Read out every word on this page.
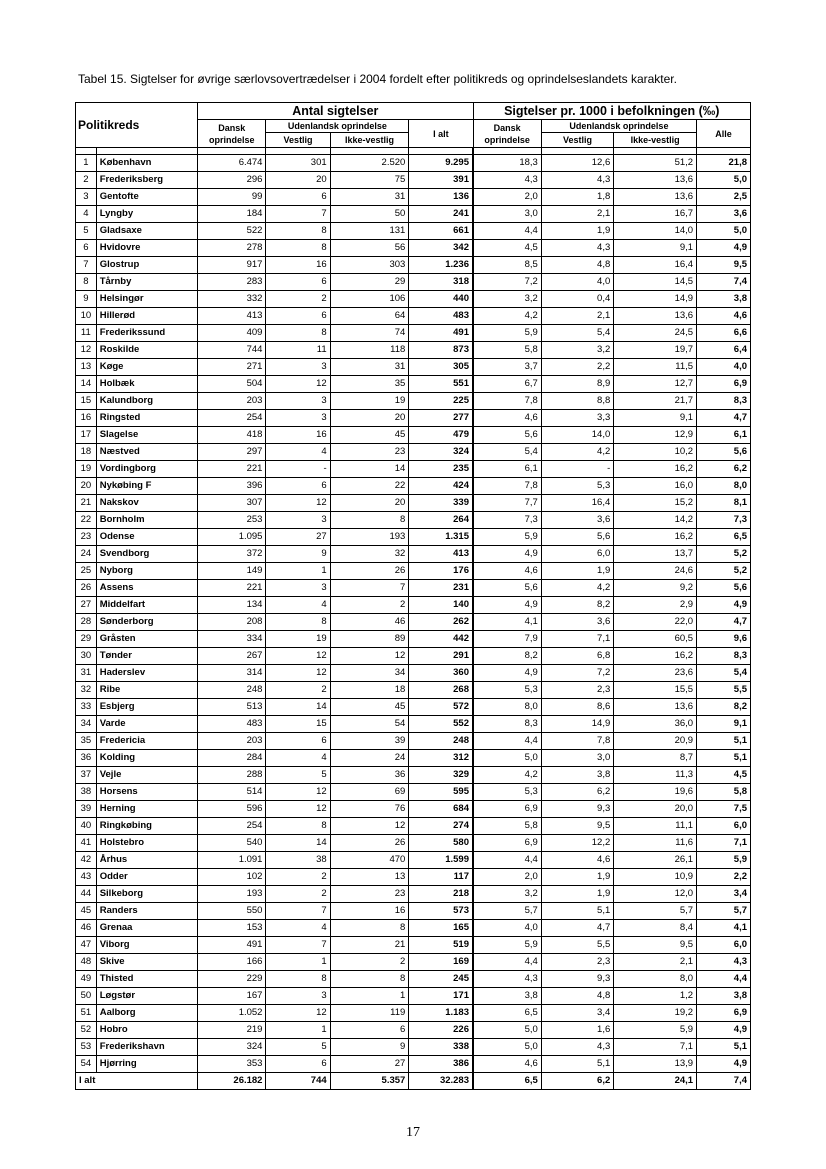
Tabel 15. Sigtelser for øvrige særlovsovertrædelser i 2004 fordelt efter politikreds og oprindelseslandets karakter.
Politikreds		Antal sigtelser				Sigtelser pr. 1000 i befolkningen (‰)			
		Dansk oprindelse	Udenlandsk oprindelse		I alt	Dansk oprindelse	Udenlandsk oprindelse		Alle
			Vestlig	Ikke-vestlig			Vestlig	Ikke-vestlig	

1	København	6.474	301	2.520	9.295	18,3	12,6	51,2	21,8
2	Frederiksberg	296	20	75	391	4,3	4,3	13,6	5,0
3	Gentofte	99	6	31	136	2,0	1,8	13,6	2,5
4	Lyngby	184	7	50	241	3,0	2,1	16,7	3,6
5	Gladsaxe	522	8	131	661	4,4	1,9	14,0	5,0
6	Hvidovre	278	8	56	342	4,5	4,3	9,1	4,9
7	Glostrup	917	16	303	1.236	8,5	4,8	16,4	9,5
8	Tårnby	283	6	29	318	7,2	4,0	14,5	7,4
9	Helsingør	332	2	106	440	3,2	0,4	14,9	3,8
10	Hillerød	413	6	64	483	4,2	2,1	13,6	4,6
11	Frederikssund	409	8	74	491	5,9	5,4	24,5	6,6
12	Roskilde	744	11	118	873	5,8	3,2	19,7	6,4
13	Køge	271	3	31	305	3,7	2,2	11,5	4,0
14	Holbæk	504	12	35	551	6,7	8,9	12,7	6,9
15	Kalundborg	203	3	19	225	7,8	8,8	21,7	8,3
16	Ringsted	254	3	20	277	4,6	3,3	9,1	4,7
17	Slagelse	418	16	45	479	5,6	14,0	12,9	6,1
18	Næstved	297	4	23	324	5,4	4,2	10,2	5,6
19	Vordingborg	221	-	14	235	6,1	-	16,2	6,2
20	Nykøbing F	396	6	22	424	7,8	5,3	16,0	8,0
21	Nakskov	307	12	20	339	7,7	16,4	15,2	8,1
22	Bornholm	253	3	8	264	7,3	3,6	14,2	7,3
23	Odense	1.095	27	193	1.315	5,9	5,6	16,2	6,5
24	Svendborg	372	9	32	413	4,9	6,0	13,7	5,2
25	Nyborg	149	1	26	176	4,6	1,9	24,6	5,2
26	Assens	221	3	7	231	5,6	4,2	9,2	5,6
27	Middelfart	134	4	2	140	4,9	8,2	2,9	4,9
28	Sønderborg	208	8	46	262	4,1	3,6	22,0	4,7
29	Gråsten	334	19	89	442	7,9	7,1	60,5	9,6
30	Tønder	267	12	12	291	8,2	6,8	16,2	8,3
31	Haderslev	314	12	34	360	4,9	7,2	23,6	5,4
32	Ribe	248	2	18	268	5,3	2,3	15,5	5,5
33	Esbjerg	513	14	45	572	8,0	8,6	13,6	8,2
34	Varde	483	15	54	552	8,3	14,9	36,0	9,1
35	Fredericia	203	6	39	248	4,4	7,8	20,9	5,1
36	Kolding	284	4	24	312	5,0	3,0	8,7	5,1
37	Vejle	288	5	36	329	4,2	3,8	11,3	4,5
38	Horsens	514	12	69	595	5,3	6,2	19,6	5,8
39	Herning	596	12	76	684	6,9	9,3	20,0	7,5
40	Ringkøbing	254	8	12	274	5,8	9,5	11,1	6,0
41	Holstebro	540	14	26	580	6,9	12,2	11,6	7,1
42	Århus	1.091	38	470	1.599	4,4	4,6	26,1	5,9
43	Odder	102	2	13	117	2,0	1,9	10,9	2,2
44	Silkeborg	193	2	23	218	3,2	1,9	12,0	3,4
45	Randers	550	7	16	573	5,7	5,1	5,7	5,7
46	Grenaa	153	4	8	165	4,0	4,7	8,4	4,1
47	Viborg	491	7	21	519	5,9	5,5	9,5	6,0
48	Skive	166	1	2	169	4,4	2,3	2,1	4,3
49	Thisted	229	8	8	245	4,3	9,3	8,0	4,4
50	Løgstør	167	3	1	171	3,8	4,8	1,2	3,8
51	Aalborg	1.052	12	119	1.183	6,5	3,4	19,2	6,9
52	Hobro	219	1	6	226	5,0	1,6	5,9	4,9
53	Frederikshavn	324	5	9	338	5,0	4,3	7,1	5,1
54	Hjørring	353	6	27	386	4,6	5,1	13,9	4,9
I alt		26.182	744	5.357	32.283	6,5	6,2	24,1	7,4
17
